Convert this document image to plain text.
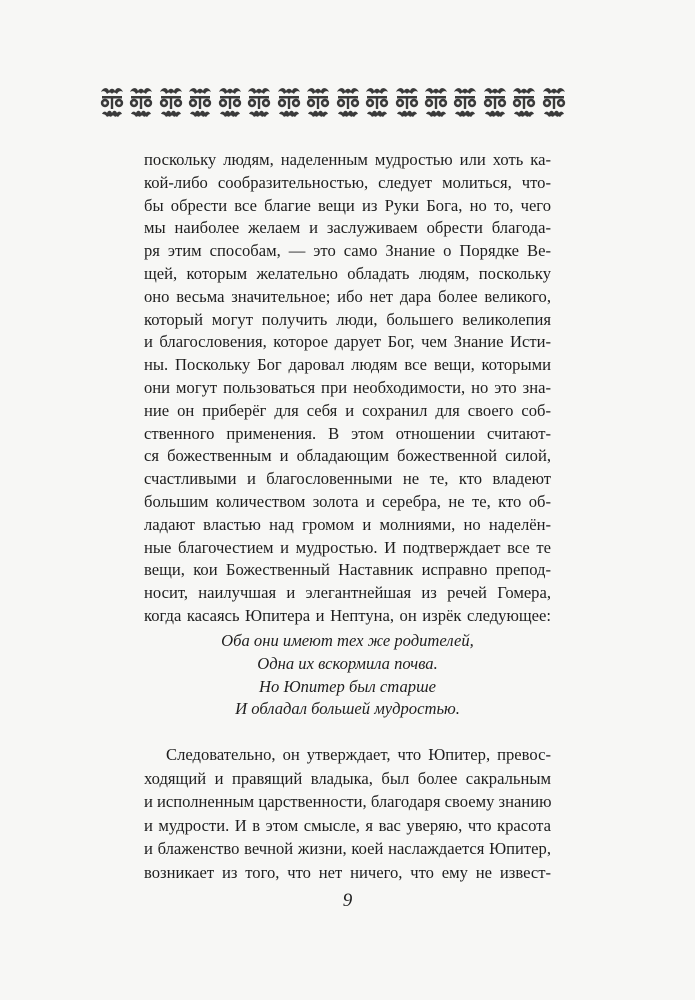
поскольку людям, наделенным мудростью или хоть ка-
кой-либо сообразительностью, следует молиться, что-
бы обрести все благие вещи из Руки Бога, но то, чего
мы наиболее желаем и заслуживаем обрести благода-
ря этим способам, — это само Знание о Порядке Ве-
щей, которым желательно обладать людям, поскольку
оно весьма значительное; ибо нет дара более великого,
который могут получить люди, большего великолепия
и благословения, которое дарует Бог, чем Знание Исти-
ны. Поскольку Бог даровал людям все вещи, которыми
они могут пользоваться при необходимости, но это зна-
ние он приберёг для себя и сохранил для своего соб-
ственного применения. В этом отношении считают-
ся божественным и обладающим божественной силой,
счастливыми и благословенными не те, кто владеют
большим количеством золота и серебра, не те, кто об-
ладают властью над громом и молниями, но наделён-
ные благочестием и мудростью. И подтверждает все те
вещи, кои Божественный Наставник исправно препод-
носит, наилучшая и элегантнейшая из речей Гомера,
когда касаясь Юпитера и Нептуна, он изрёк следующее:
Оба они имеют тех же родителей,
Одна их вскормила почва.
Но Юпитер был старше
И обладал большей мудростью.
Следовательно, он утверждает, что Юпитер, превос-
ходящий и правящий владыка, был более сакральным
и исполненным царственности, благодаря своему знанию
и мудрости. И в этом смысле, я вас уверяю, что красота
и блаженство вечной жизни, коей наслаждается Юпитер,
возникает из того, что нет ничего, что ему не извест-
9
